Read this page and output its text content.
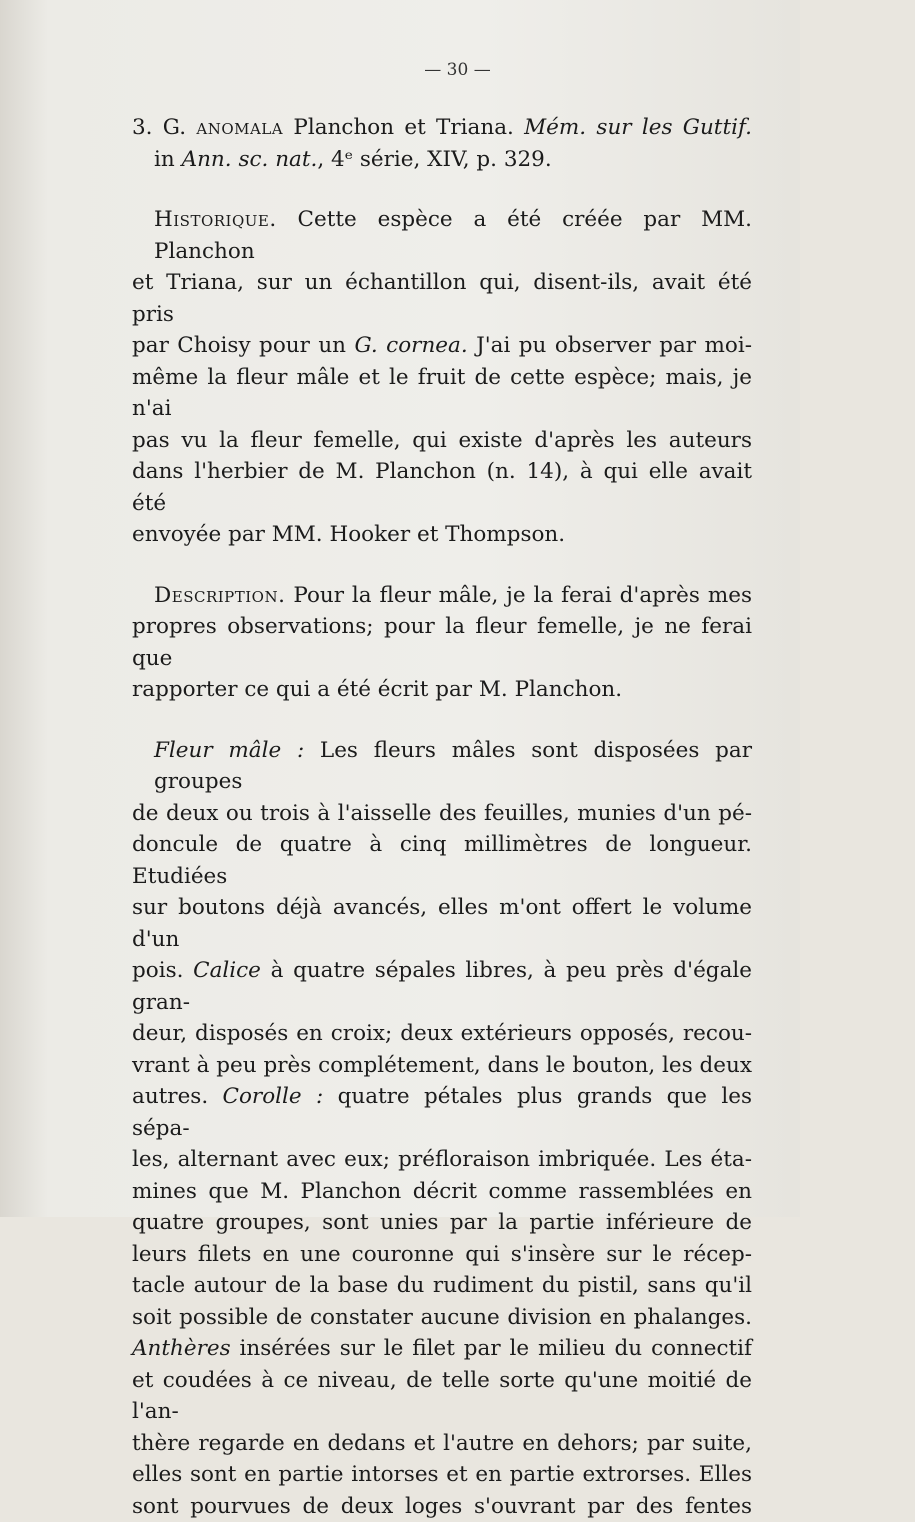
— 30 —
3. G. anomala Planchon et Triana. Mém. sur les Guttif.
in Ann. sc. nat., 4ᵉ série, XIV, p. 329.
Historique. Cette espèce a été créée par MM. Planchon
et Triana, sur un échantillon qui, disent-ils, avait été pris
par Choisy pour un G. cornea. J'ai pu observer par moi-
même la fleur mâle et le fruit de cette espèce; mais, je n'ai
pas vu la fleur femelle, qui existe d'après les auteurs
dans l'herbier de M. Planchon (n. 14), à qui elle avait été
envoyée par MM. Hooker et Thompson.
Description. Pour la fleur mâle, je la ferai d'après mes
propres observations; pour la fleur femelle, je ne ferai que
rapporter ce qui a été écrit par M. Planchon.
Fleur mâle : Les fleurs mâles sont disposées par groupes
de deux ou trois à l'aisselle des feuilles, munies d'un pé-
doncule de quatre à cinq millimètres de longueur. Etudiées
sur boutons déjà avancés, elles m'ont offert le volume d'un
pois. Calice à quatre sépales libres, à peu près d'égale gran-
deur, disposés en croix; deux extérieurs opposés, recou-
vrant à peu près complétement, dans le bouton, les deux
autres. Corolle : quatre pétales plus grands que les sépa-
les, alternant avec eux; préfloraison imbriquée. Les éta-
mines que M. Planchon décrit comme rassemblées en
quatre groupes, sont unies par la partie inférieure de
leurs filets en une couronne qui s'insère sur le récep-
tacle autour de la base du rudiment du pistil, sans qu'il
soit possible de constater aucune division en phalanges.
Anthères insérées sur le filet par le milieu du connectif
et coudées à ce niveau, de telle sorte qu'une moitié de l'an-
thère regarde en dedans et l'autre en dehors; par suite,
elles sont en partie intorses et en partie extrorses. Elles
sont pourvues de deux loges s'ouvrant par des fentes
